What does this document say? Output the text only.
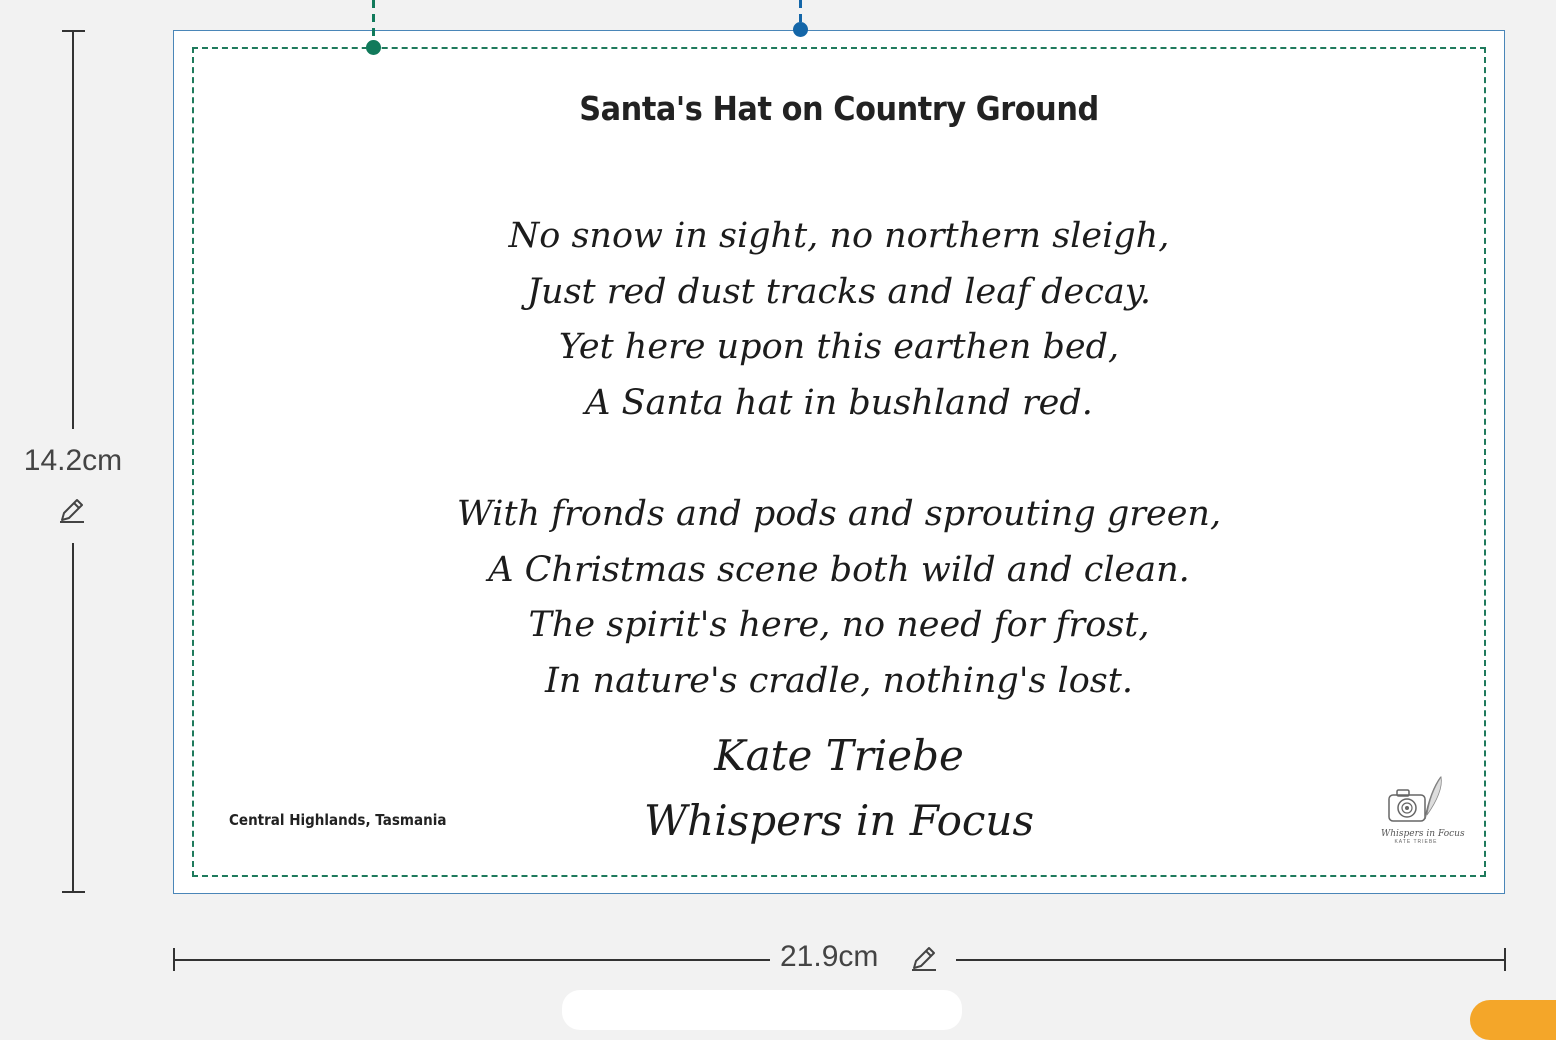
14.2cm
Santa's Hat on Country Ground
No snow in sight, no northern sleigh,
Just red dust tracks and leaf decay.
Yet here upon this earthen bed,
A Santa hat in bushland red.
With fronds and pods and sprouting green,
A Christmas scene both wild and clean.
The spirit's here, no need for frost,
In nature's cradle, nothing's lost.
Kate Triebe
Whispers in Focus
Central Highlands, Tasmania
Whispers in Focus
KATE TRIEBE
21.9cm
